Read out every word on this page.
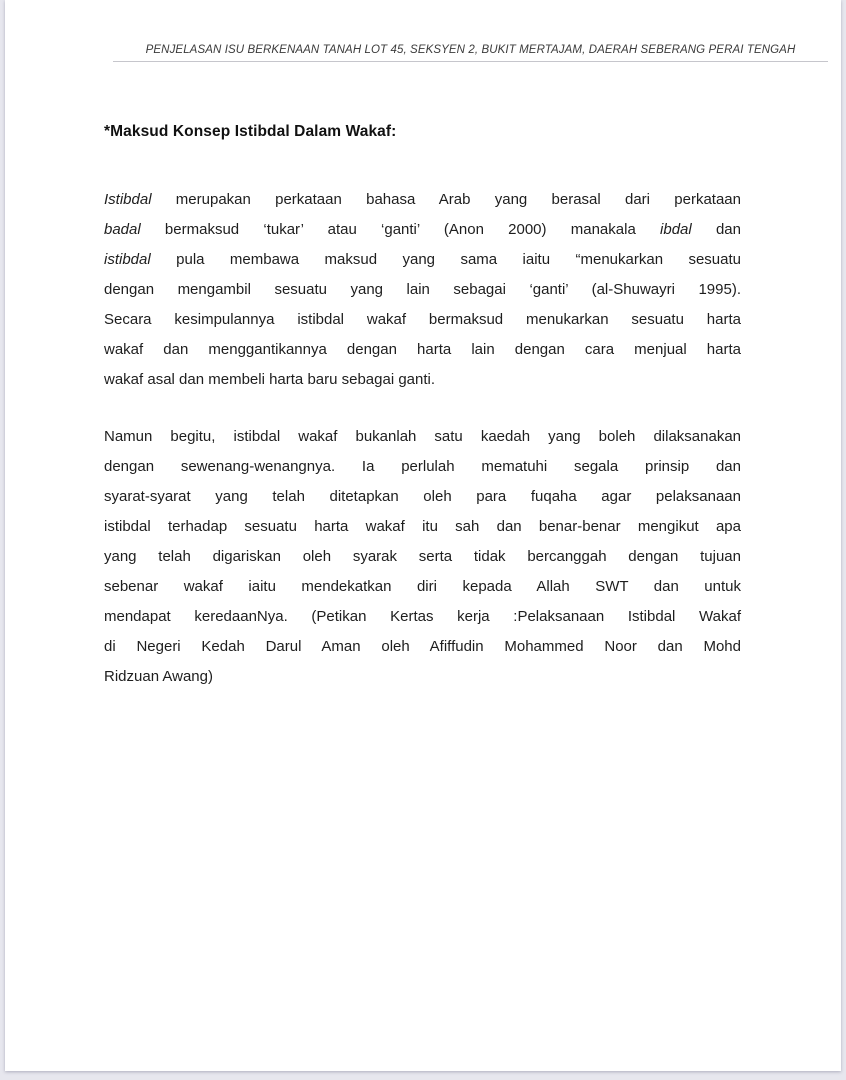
PENJELASAN ISU BERKENAAN TANAH LOT 45, SEKSYEN 2, BUKIT MERTAJAM, DAERAH SEBERANG PERAI TENGAH
*Maksud Konsep Istibdal Dalam Wakaf:

Istibdal merupakan perkataan bahasa Arab yang berasal dari perkataan
badal bermaksud ‘tukar’ atau ‘ganti’ (Anon 2000) manakala ibdal dan
istibdal pula membawa maksud yang sama iaitu “menukarkan sesuatu
dengan mengambil sesuatu yang lain sebagai ‘ganti’ (al-Shuwayri 1995).
Secara kesimpulannya istibdal wakaf bermaksud menukarkan sesuatu harta
wakaf dan menggantikannya dengan harta lain dengan cara menjual harta
wakaf asal dan membeli harta baru sebagai ganti.

Namun begitu, istibdal wakaf bukanlah satu kaedah yang boleh dilaksanakan
dengan sewenang-wenangnya. Ia perlulah mematuhi segala prinsip dan
syarat-syarat yang telah ditetapkan oleh para fuqaha agar pelaksanaan
istibdal terhadap sesuatu harta wakaf itu sah dan benar-benar mengikut apa
yang telah digariskan oleh syarak serta tidak bercanggah dengan tujuan
sebenar wakaf iaitu mendekatkan diri kepada Allah SWT dan untuk
mendapat keredaanNya. (Petikan Kertas kerja :Pelaksanaan Istibdal Wakaf
di Negeri Kedah Darul Aman oleh Afiffudin Mohammed Noor dan Mohd
Ridzuan Awang)
